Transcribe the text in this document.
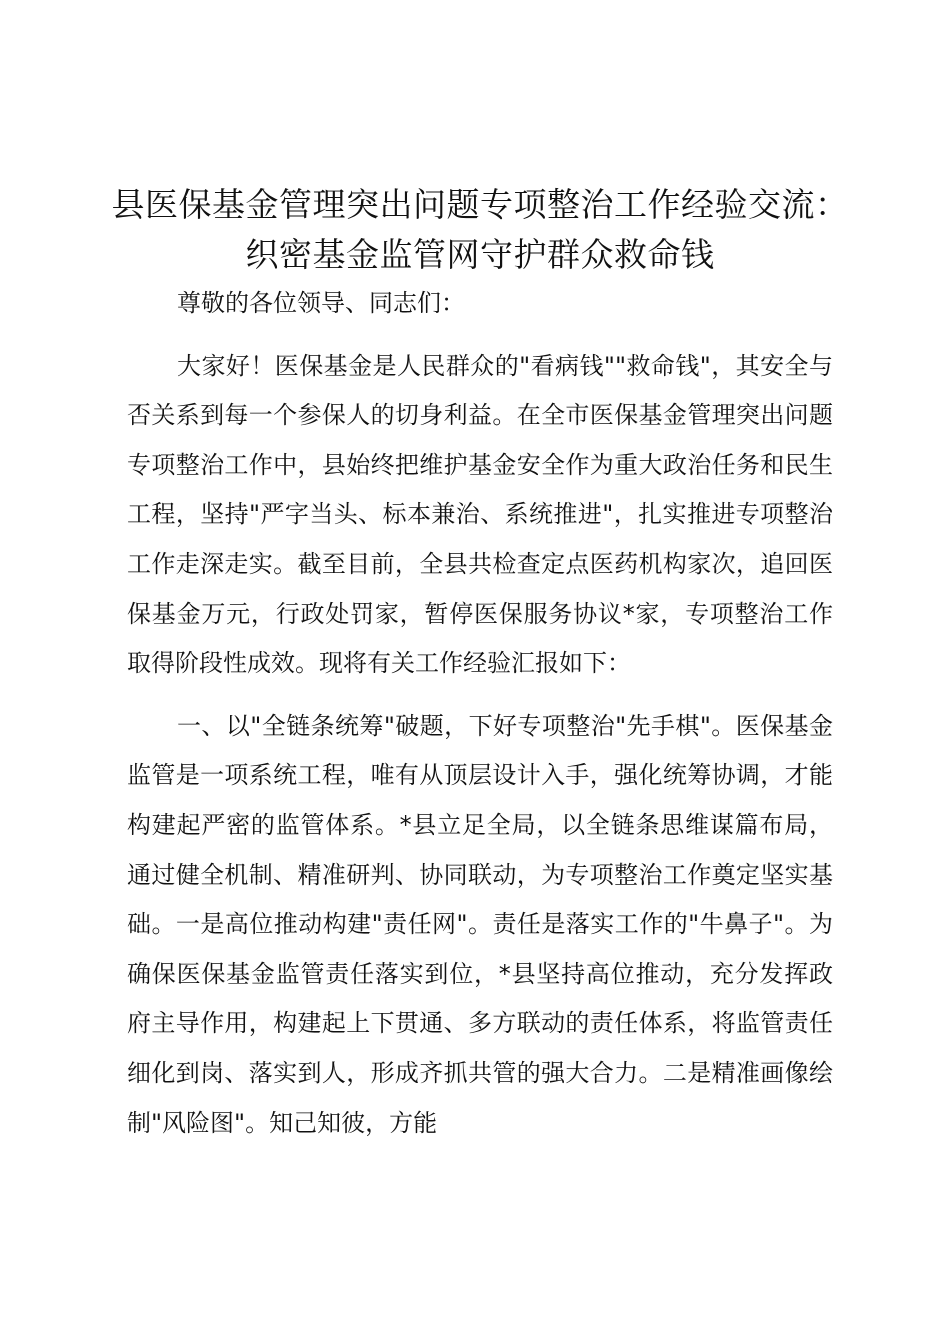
县医保基金管理突出问题专项整治工作经验交流：织密基金监管网守护群众救命钱

尊敬的各位领导、同志们：

大家好！医保基金是人民群众的"看病钱""救命钱"，其安全与否关系到每一个参保人的切身利益。在全市医保基金管理突出问题专项整治工作中，县始终把维护基金安全作为重大政治任务和民生工程，坚持"严字当头、标本兼治、系统推进"，扎实推进专项整治工作走深走实。截至目前，全县共检查定点医药机构家次，追回医保基金万元，行政处罚家，暂停医保服务协议*家，专项整治工作取得阶段性成效。现将有关工作经验汇报如下：

一、以"全链条统筹"破题，下好专项整治"先手棋"。医保基金监管是一项系统工程，唯有从顶层设计入手，强化统筹协调，才能构建起严密的监管体系。*县立足全局，以全链条思维谋篇布局，通过健全机制、精准研判、协同联动，为专项整治工作奠定坚实基础。一是高位推动构建"责任网"。责任是落实工作的"牛鼻子"。为确保医保基金监管责任落实到位，*县坚持高位推动，充分发挥政府主导作用，构建起上下贯通、多方联动的责任体系，将监管责任细化到岗、落实到人，形成齐抓共管的强大合力。二是精准画像绘制"风险图"。知己知彼，方能
